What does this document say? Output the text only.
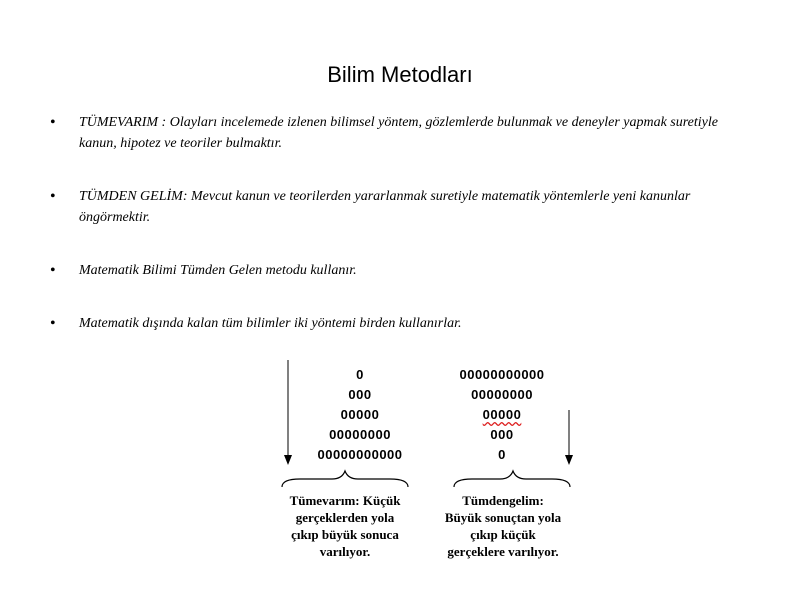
Bilim Metodları
• TÜMEVARIM : Olayları incelemede izlenen bilimsel yöntem, gözlemlerde bulunmak ve deneyler yapmak suretiyle kanun, hipotez ve teoriler bulmaktır.
• TÜMDEN GELİM: Mevcut kanun ve teorilerden yararlanmak suretiyle matematik yöntemlerle yeni kanunlar öngörmektir.
• Matematik Bilimi Tümden Gelen metodu kullanır.
• Matematik dışında kalan tüm bilimler iki yöntemi birden kullanırlar.
0
000
00000
00000000
00000000000
00000000000
00000000
00000
000
0
Tümevarım: Küçük
gerçeklerden yola
çıkıp büyük sonuca
varılıyor.
Tümdengelim:
Büyük sonuçtan yola
çıkıp küçük
gerçeklere varılıyor.
